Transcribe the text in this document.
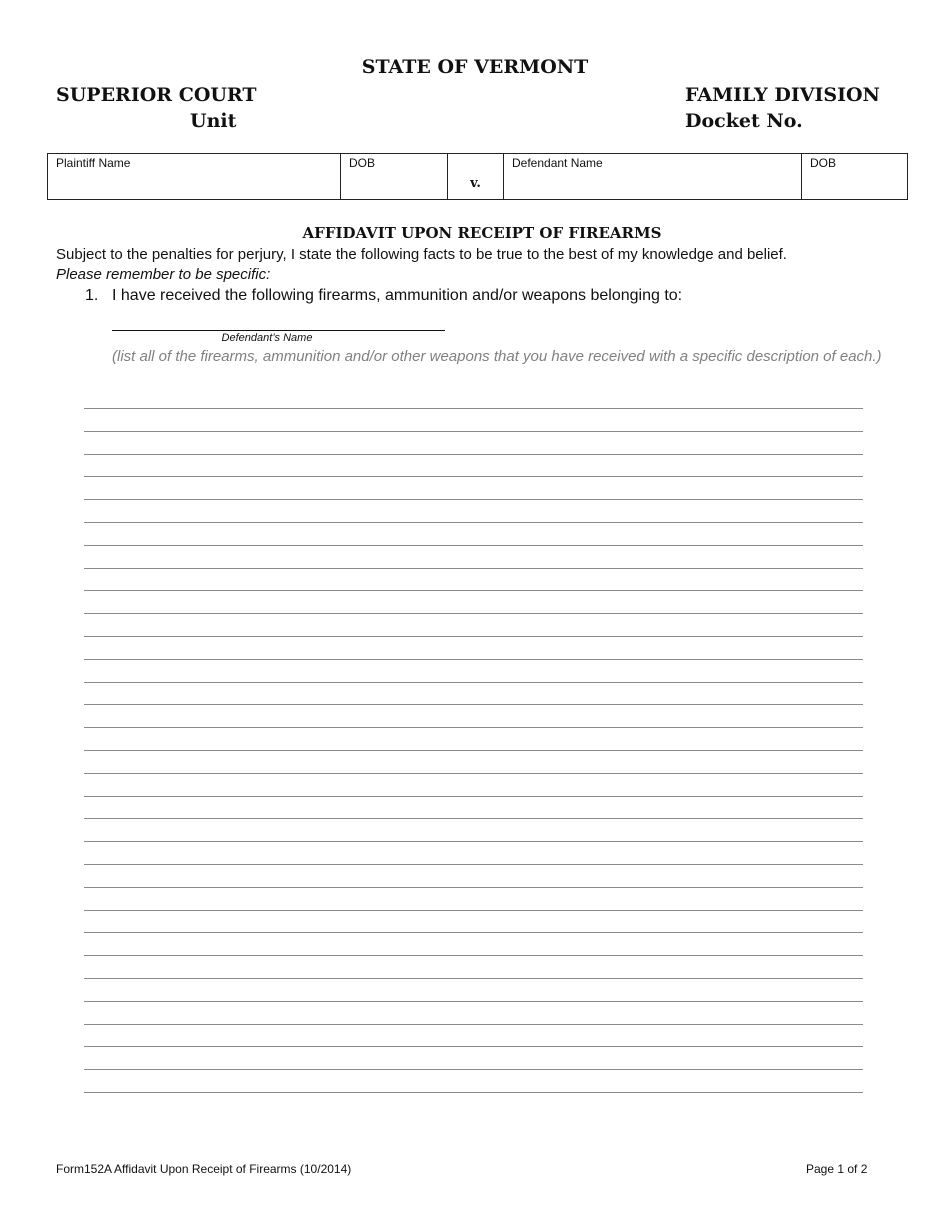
STATE OF VERMONT
SUPERIOR COURT
Unit
FAMILY DIVISION
Docket No.
Plaintiff Name	DOB	v.	Defendant Name	DOB
AFFIDAVIT UPON RECEIPT OF FIREARMS
Subject to the penalties for perjury, I state the following facts to be true to the best of my knowledge and belief.
Please remember to be specific:
1. I have received the following firearms, ammunition and/or weapons belonging to:
Defendant’s Name
(list all of the firearms, ammunition and/or other weapons that you have received with a specific description of each.)
Form152A Affidavit Upon Receipt of Firearms (10/2014)	Page 1 of 2
